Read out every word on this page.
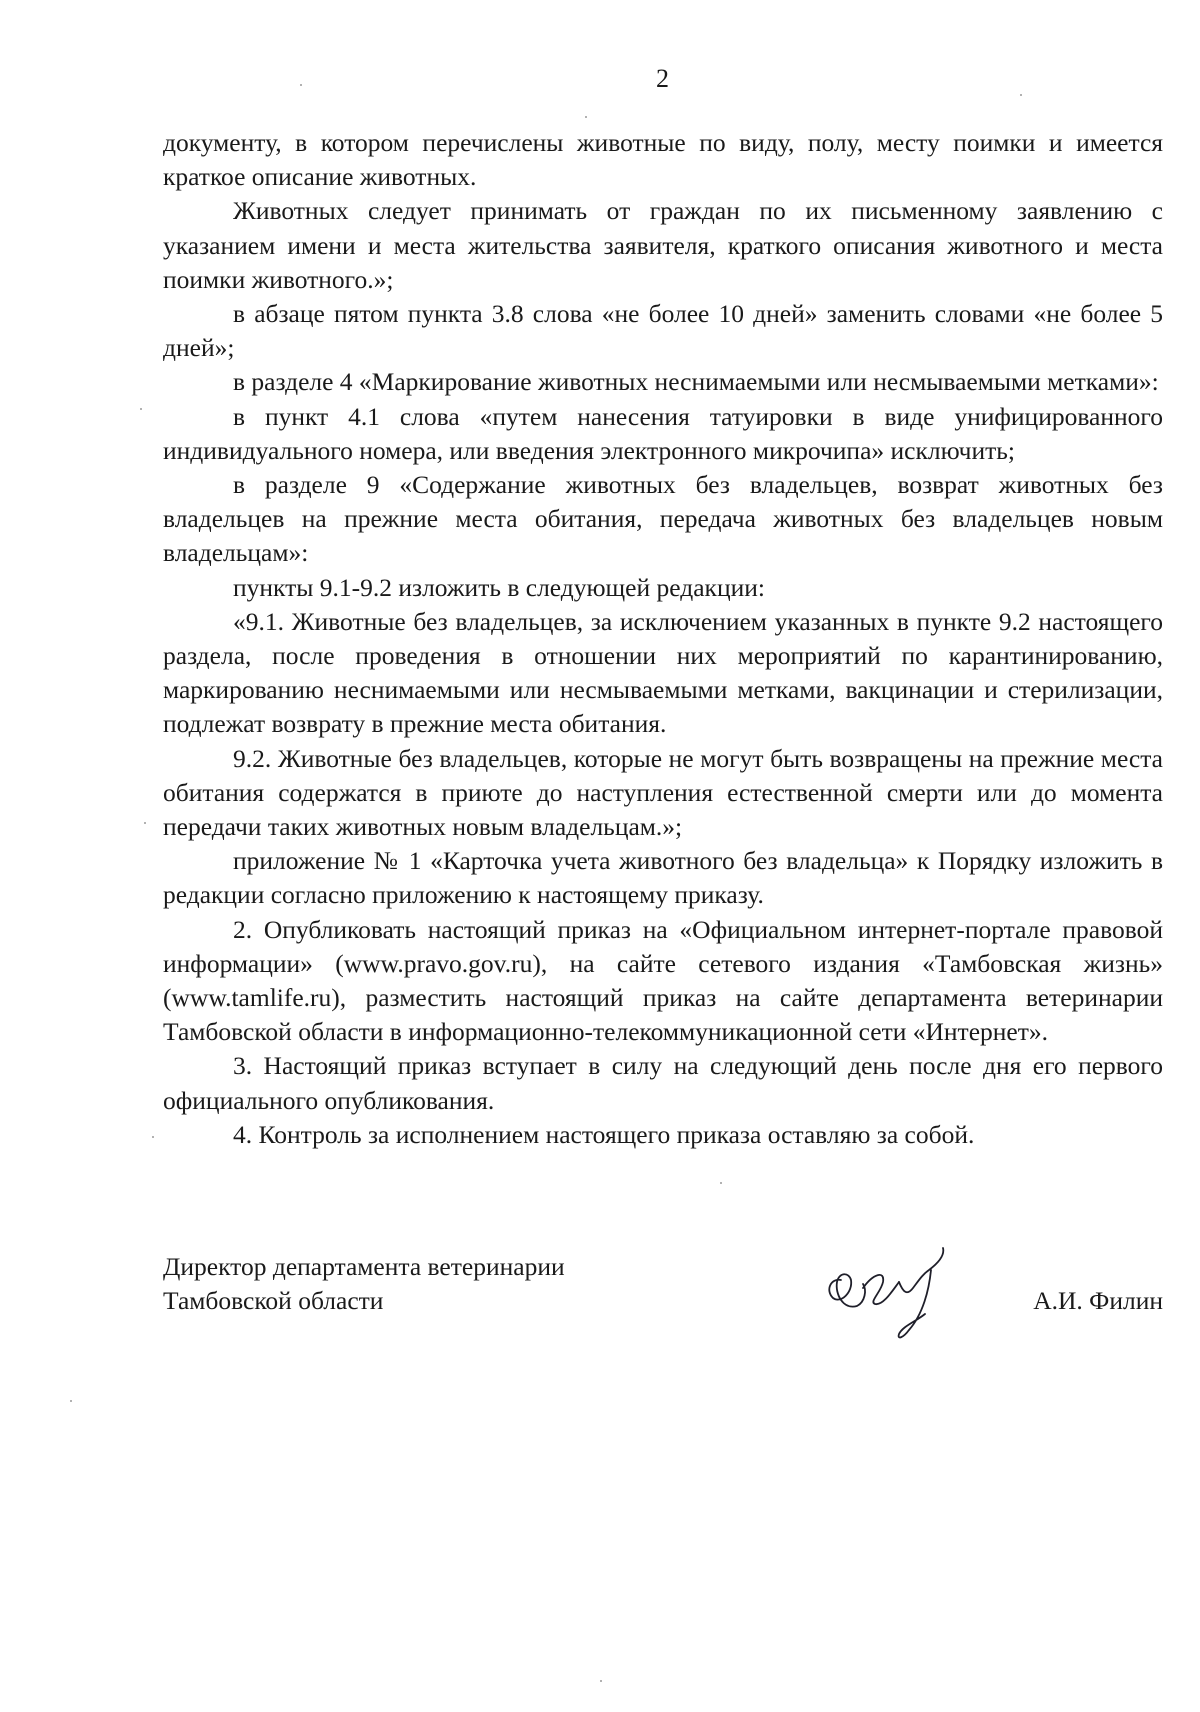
2

документу, в котором перечислены животные по виду, полу, месту поимки и имеется краткое описание животных.

Животных следует принимать от граждан по их письменному заявлению с указанием имени и места жительства заявителя, краткого описания животного и места поимки животного.»;

в абзаце пятом пункта 3.8 слова «не более 10 дней» заменить словами «не более 5 дней»;

в разделе 4 «Маркирование животных неснимаемыми или несмываемыми метками»:

в пункт 4.1 слова «путем нанесения татуировки в виде унифицированного индивидуального номера, или введения электронного микрочипа» исключить;

в разделе 9 «Содержание животных без владельцев, возврат животных без владельцев на прежние места обитания, передача животных без владельцев новым владельцам»:

пункты 9.1-9.2 изложить в следующей редакции:

«9.1. Животные без владельцев, за исключением указанных в пункте 9.2 настоящего раздела, после проведения в отношении них мероприятий по карантинированию, маркированию неснимаемыми или несмываемыми метками, вакцинации и стерилизации, подлежат возврату в прежние места обитания.

9.2. Животные без владельцев, которые не могут быть возвращены на прежние места обитания содержатся в приюте до наступления естественной смерти или до момента передачи таких животных новым владельцам.»;

приложение № 1 «Карточка учета животного без владельца» к Порядку изложить в редакции согласно приложению к настоящему приказу.

2. Опубликовать настоящий приказ на «Официальном интернет-портале правовой информации» (www.pravo.gov.ru), на сайте сетевого издания «Тамбовская жизнь» (www.tamlife.ru), разместить настоящий приказ на сайте департамента ветеринарии Тамбовской области в информационно-телекоммуникационной сети «Интернет».

3. Настоящий приказ вступает в силу на следующий день после дня его первого официального опубликования.

4. Контроль за исполнением настоящего приказа оставляю за собой.

Директор департамента ветеринарии
Тамбовской области	А.И. Филин
